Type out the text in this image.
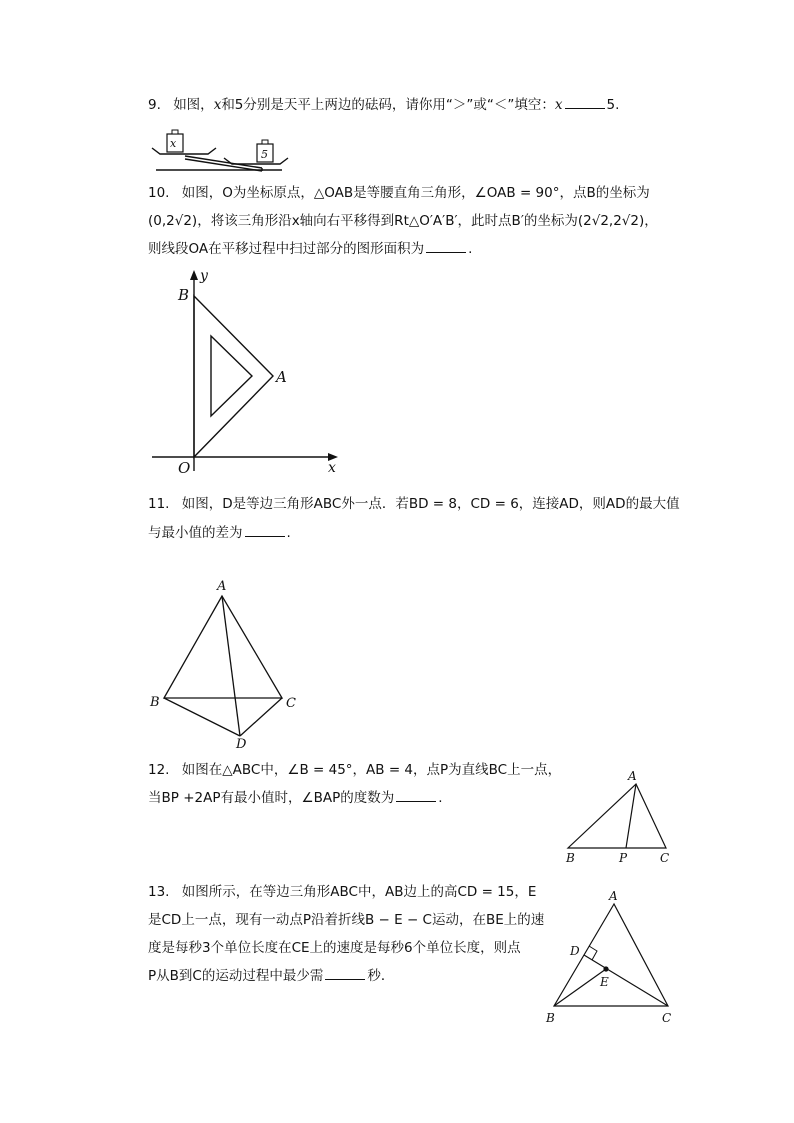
9. 如图，x和5分别是天平上两边的砝码，请你用“＞”或“＜”填空：x	5.
x
5
10. 如图，O为坐标原点，△OAB是等腰直角三角形，∠OAB = 90°，点B的坐标为
(0,2√2)，将该三角形沿x轴向右平移得到Rt△O′A′B′，此时点B′的坐标为(2√2,2√2)，
则线段OA在平移过程中扫过部分的图形面积为	.
B
y
A
O	x
11. 如图，D是等边三角形ABC外一点．若BD = 8，CD = 6，连接AD，则AD的最大值
与最小值的差为	.
A
B	C
D
12. 如图在△ABC中，∠B = 45°，AB = 4，点P为直线BC上一点，
当BP +2AP有最小值时，∠BAP的度数为	.
A
B	P	C
13. 如图所示，在等边三角形ABC中，AB边上的高CD = 15，E
是CD上一点，现有一动点P沿着折线B − E − C运动，在BE上的速
度是每秒3个单位长度在CE上的速度是每秒6个单位长度，则点
P从B到C的运动过程中最少需	秒．
A
D
E
B	C
